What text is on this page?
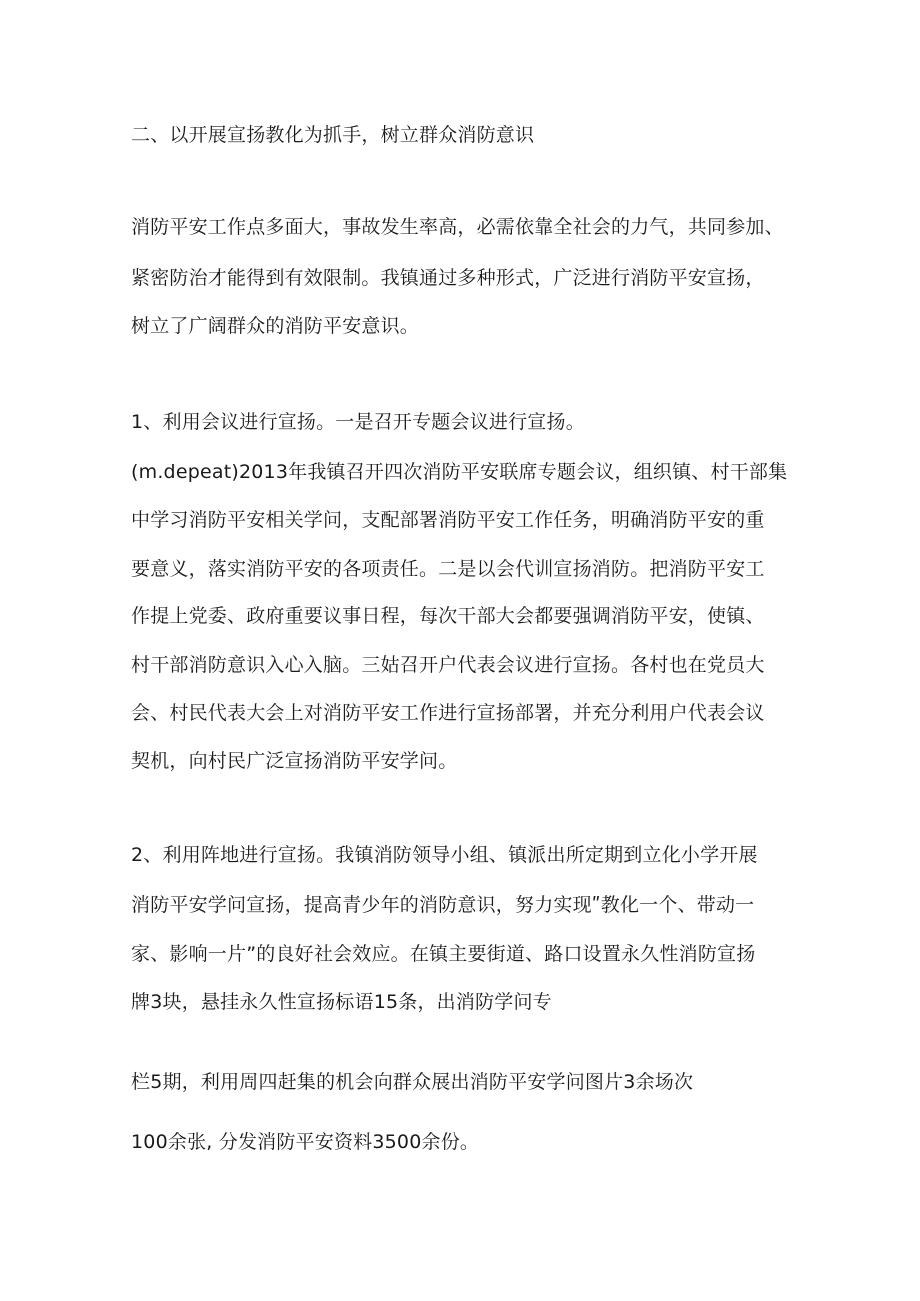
二、以开展宣扬教化为抓手，树立群众消防意识
消防平安工作点多面大，事故发生率高，必需依靠全社会的力气，共同参加、
紧密防治才能得到有效限制。我镇通过多种形式，广泛进行消防平安宣扬，
树立了广阔群众的消防平安意识。
1、利用会议进行宣扬。一是召开专题会议进行宣扬。
(m.depeat)2013年我镇召开四次消防平安联席专题会议，组织镇、村干部集
中学习消防平安相关学问，支配部署消防平安工作任务，明确消防平安的重
要意义，落实消防平安的各项责任。二是以会代训宣扬消防。把消防平安工
作提上党委、政府重要议事日程，每次干部大会都要强调消防平安，使镇、
村干部消防意识入心入脑。三姑召开户代表会议进行宣扬。各村也在党员大
会、村民代表大会上对消防平安工作进行宣扬部署，并充分利用户代表会议
契机，向村民广泛宣扬消防平安学问。
2、利用阵地进行宣扬。我镇消防领导小组、镇派出所定期到立化小学开展
消防平安学问宣扬，提高青少年的消防意识，努力实现ʺ教化一个、带动一
家、影响一片”的良好社会效应。在镇主要街道、路口设置永久性消防宣扬
牌3块，悬挂永久性宣扬标语15条，出消防学问专
栏5期，利用周四赶集的机会向群众展出消防平安学问图片3余场次
100余张, 分发消防平安资料3500余份。
